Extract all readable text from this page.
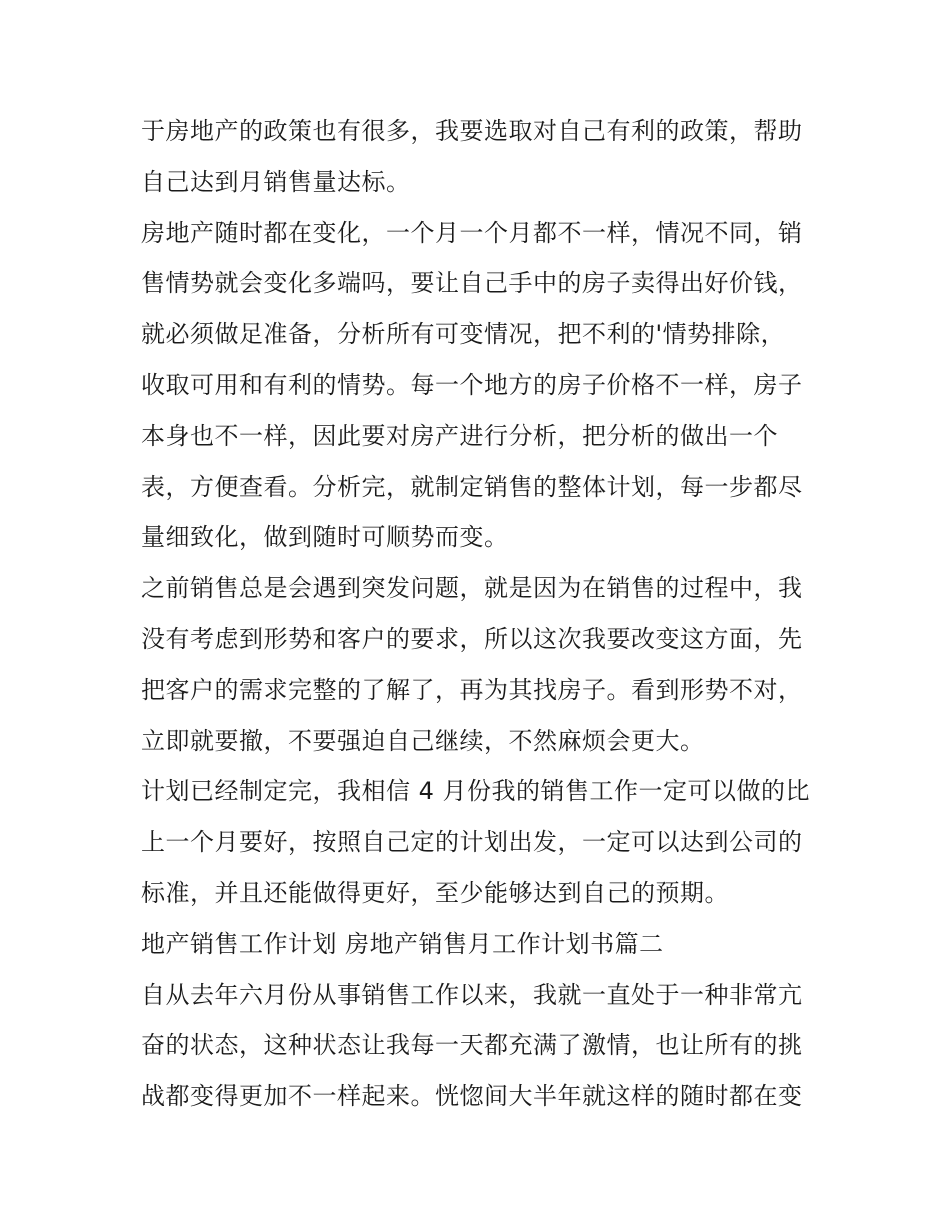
于房地产的政策也有很多，我要选取对自己有利的政策，帮助
自己达到月销售量达标。
房地产随时都在变化，一个月一个月都不一样，情况不同，销
售情势就会变化多端吗，要让自己手中的房子卖得出好价钱，
就必须做足准备，分析所有可变情况，把不利的'情势排除，
收取可用和有利的情势。每一个地方的房子价格不一样，房子
本身也不一样，因此要对房产进行分析，把分析的做出一个
表，方便查看。分析完，就制定销售的整体计划，每一步都尽
量细致化，做到随时可顺势而变。
之前销售总是会遇到突发问题，就是因为在销售的过程中，我
没有考虑到形势和客户的要求，所以这次我要改变这方面，先
把客户的需求完整的了解了，再为其找房子。看到形势不对，
立即就要撤，不要强迫自己继续，不然麻烦会更大。
计划已经制定完，我相信 4 月份我的销售工作一定可以做的比
上一个月要好，按照自己定的计划出发，一定可以达到公司的
标准，并且还能做得更好，至少能够达到自己的预期。
地产销售工作计划 房地产销售月工作计划书篇二
自从去年六月份从事销售工作以来，我就一直处于一种非常亢
奋的状态，这种状态让我每一天都充满了激情，也让所有的挑
战都变得更加不一样起来。恍惚间大半年就这样的随时都在变
